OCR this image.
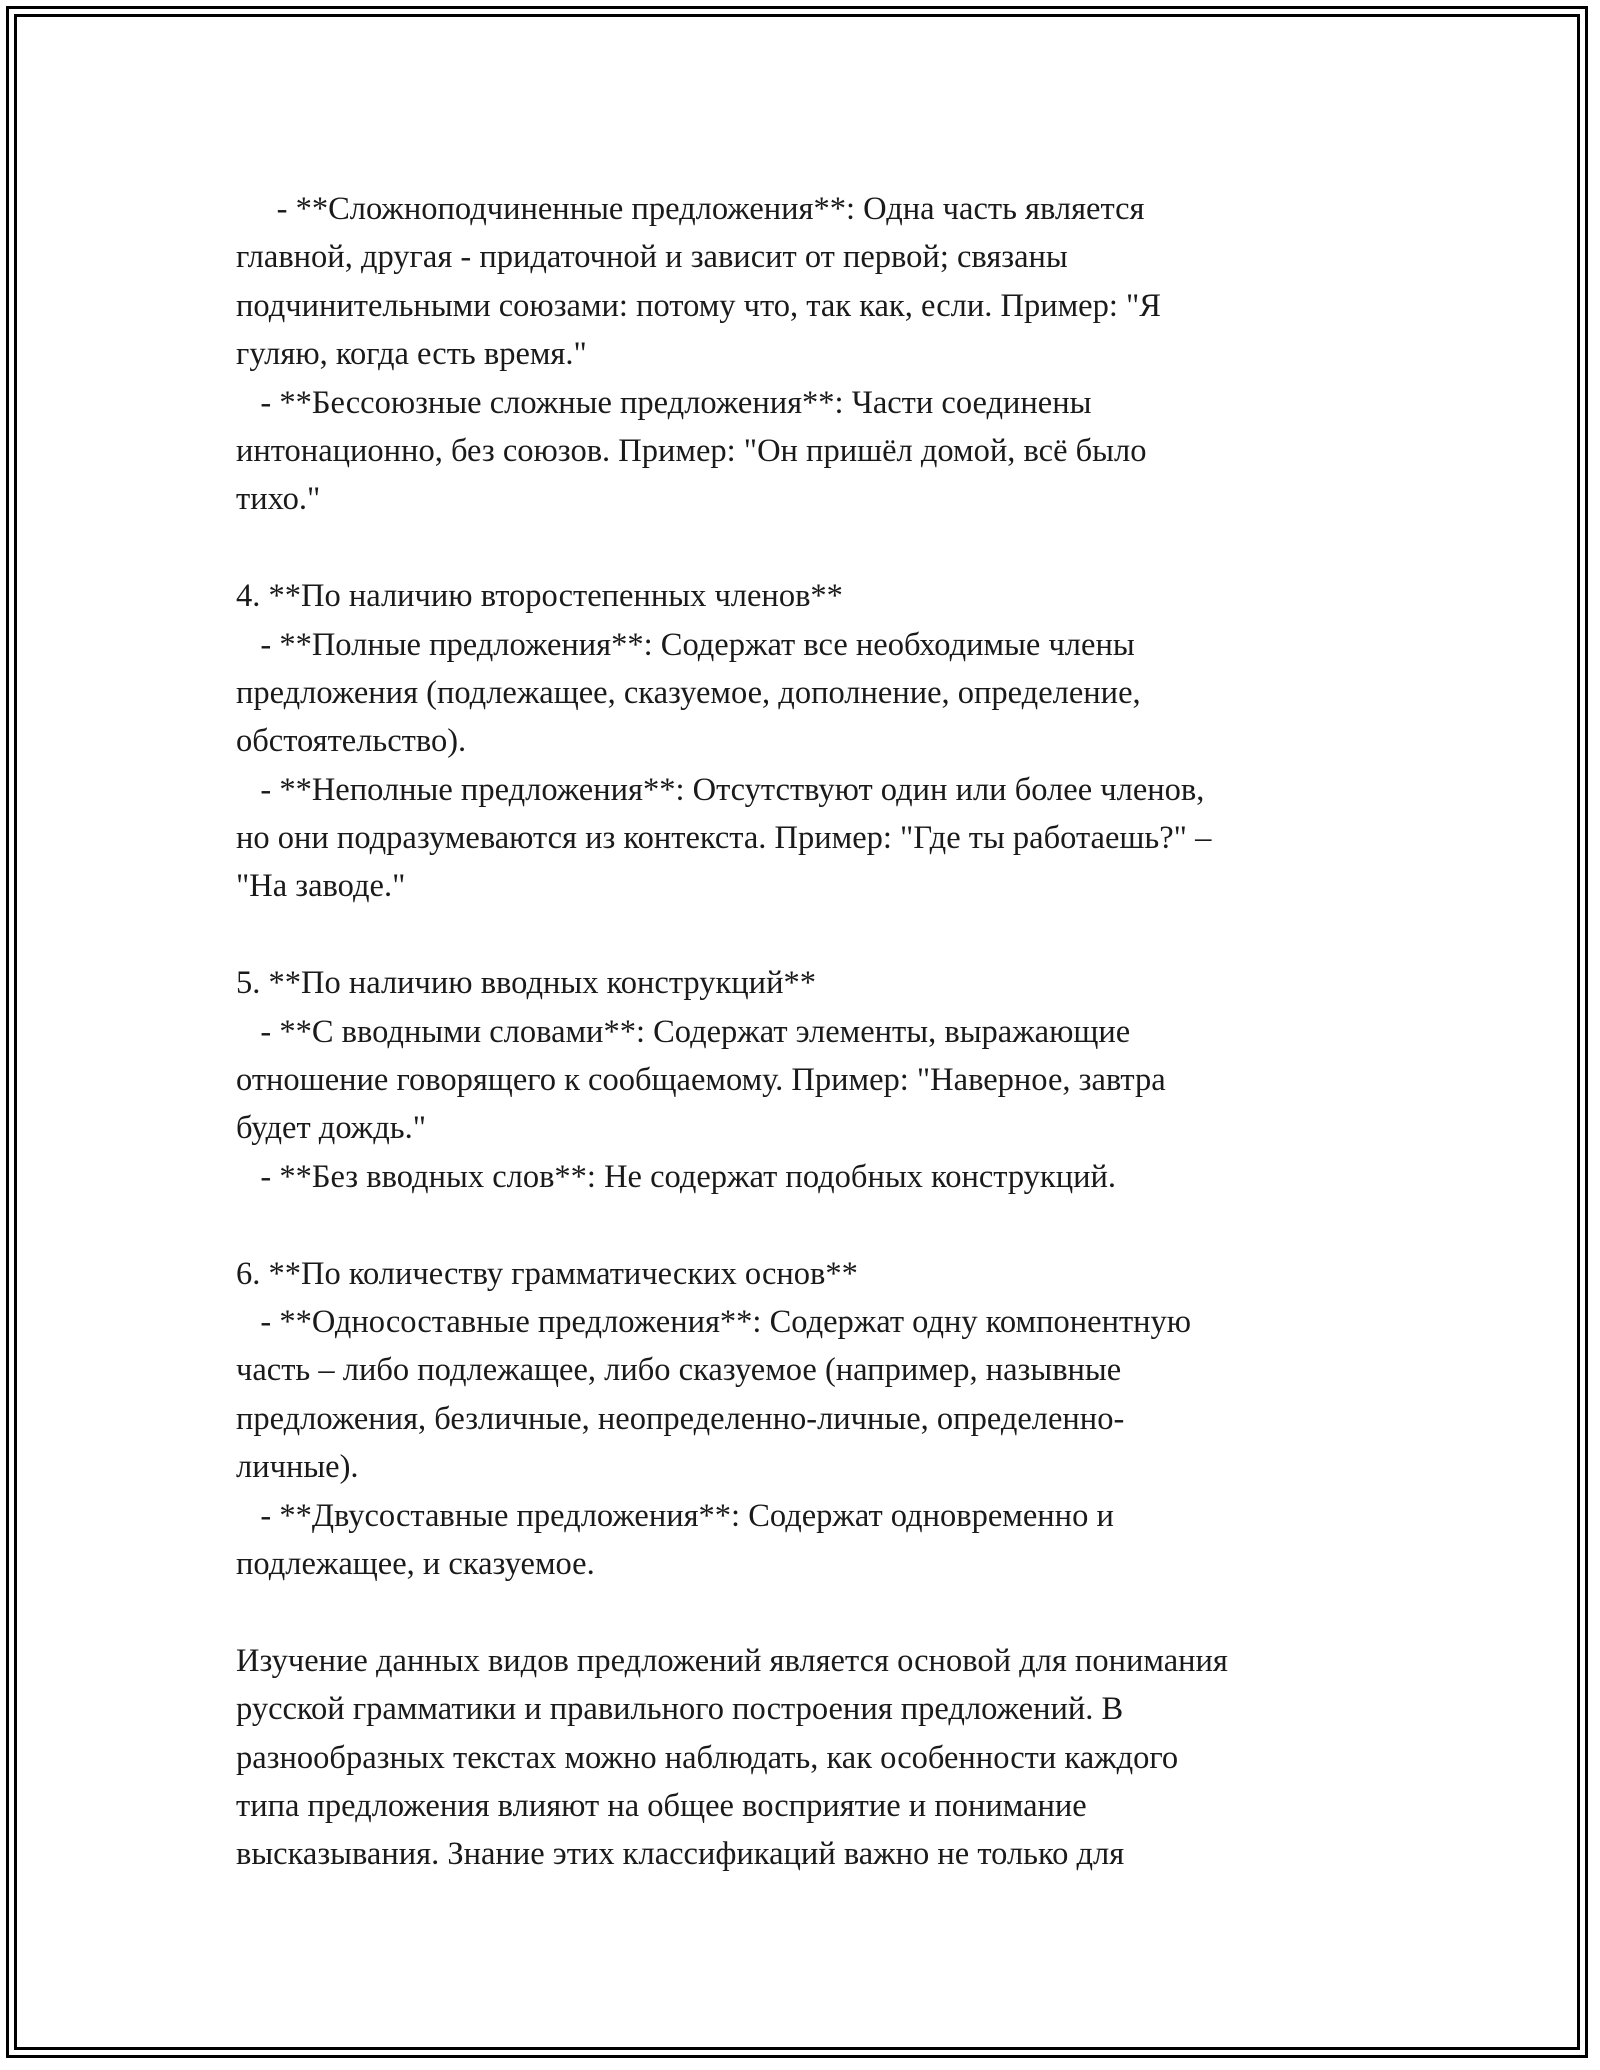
- **Сложноподчиненные предложения**: Одна часть является
главной, другая - придаточной и зависит от первой; связаны
подчинительными союзами: потому что, так как, если. Пример: "Я
гуляю, когда есть время."
- **Бессоюзные сложные предложения**: Части соединены
интонационно, без союзов. Пример: "Он пришёл домой, всё было
тихо."
4. **По наличию второстепенных членов**
- **Полные предложения**: Содержат все необходимые члены
предложения (подлежащее, сказуемое, дополнение, определение,
обстоятельство).
- **Неполные предложения**: Отсутствуют один или более членов,
но они подразумеваются из контекста. Пример: "Где ты работаешь?" –
"На заводе."
5. **По наличию вводных конструкций**
- **С вводными словами**: Содержат элементы, выражающие
отношение говорящего к сообщаемому. Пример: "Наверное, завтра
будет дождь."
- **Без вводных слов**: Не содержат подобных конструкций.
6. **По количеству грамматических основ**
- **Односоставные предложения**: Содержат одну компонентную
часть – либо подлежащее, либо сказуемое (например, назывные
предложения, безличные, неопределенно-личные, определенно-
личные).
- **Двусоставные предложения**: Содержат одновременно и
подлежащее, и сказуемое.
Изучение данных видов предложений является основой для понимания
русской грамматики и правильного построения предложений. В
разнообразных текстах можно наблюдать, как особенности каждого
типа предложения влияют на общее восприятие и понимание
высказывания. Знание этих классификаций важно не только для
